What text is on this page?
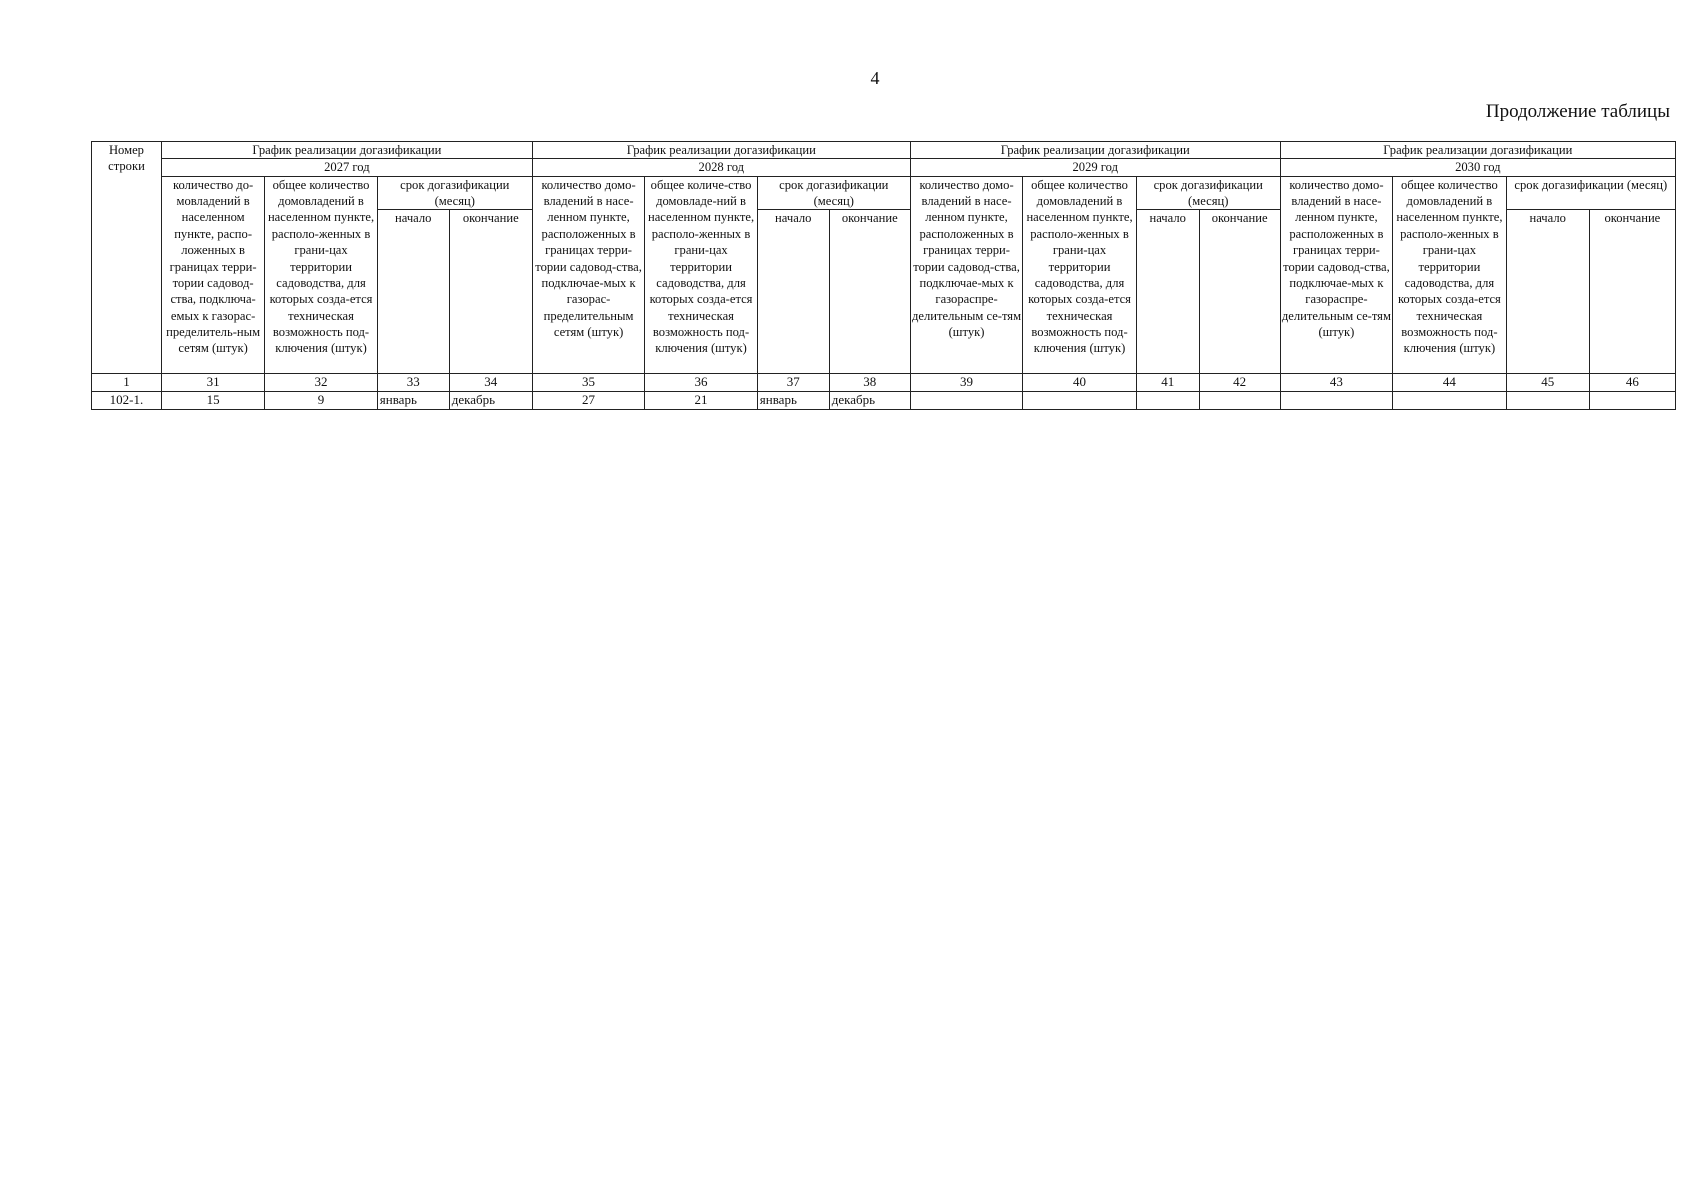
4
Продолжение таблицы
Номер строки	График реализации догазификации				График реализации догазификации				График реализации догазификации				График реализации догазификации			
	2027 год				2028 год				2029 год				2030 год			
	количество до-мовладений в населенном пункте, распо-ложенных в границах терри-тории садовод-ства, подключа-емых к газорас-пределитель-ным сетям (штук)	общее количество домовладений в населенном пункте, располо-женных в грани-цах территории садоводства, для которых созда-ется техническая возможность под-ключения (штук)	срок догазификации (месяц)		количество домо-владений в насе-ленном пункте, расположенных в границах терри-тории садовод-ства, подключае-мых к газорас-пределительным сетям (штук)	общее количе-ство домовладе-ний в населенном пункте, располо-женных в грани-цах территории садоводства, для которых созда-ется техническая возможность под-ключения (штук)	срок догазификации (месяц)		количество домо-владений в насе-ленном пункте, расположенных в границах терри-тории садовод-ства, подключае-мых к газораспре-делительным се-тям (штук)	общее количество домовладений в населенном пункте, располо-женных в грани-цах территории садоводства, для которых созда-ется техническая возможность под-ключения (штук)	срок догазификации (месяц)		количество домо-владений в насе-ленном пункте, расположенных в границах терри-тории садовод-ства, подключае-мых к газораспре-делительным се-тям (штук)	общее количество домовладений в населенном пункте, располо-женных в грани-цах территории садоводства, для которых созда-ется техническая возможность под-ключения (штук)	срок догазификации (месяц)	
			начало	окончание			начало	окончание			начало	окончание			начало	окончание
1	31	32	33	34	35	36	37	38	39	40	41	42	43	44	45	46
102-1.	15	9	январь	декабрь	27	21	январь	декабрь								
